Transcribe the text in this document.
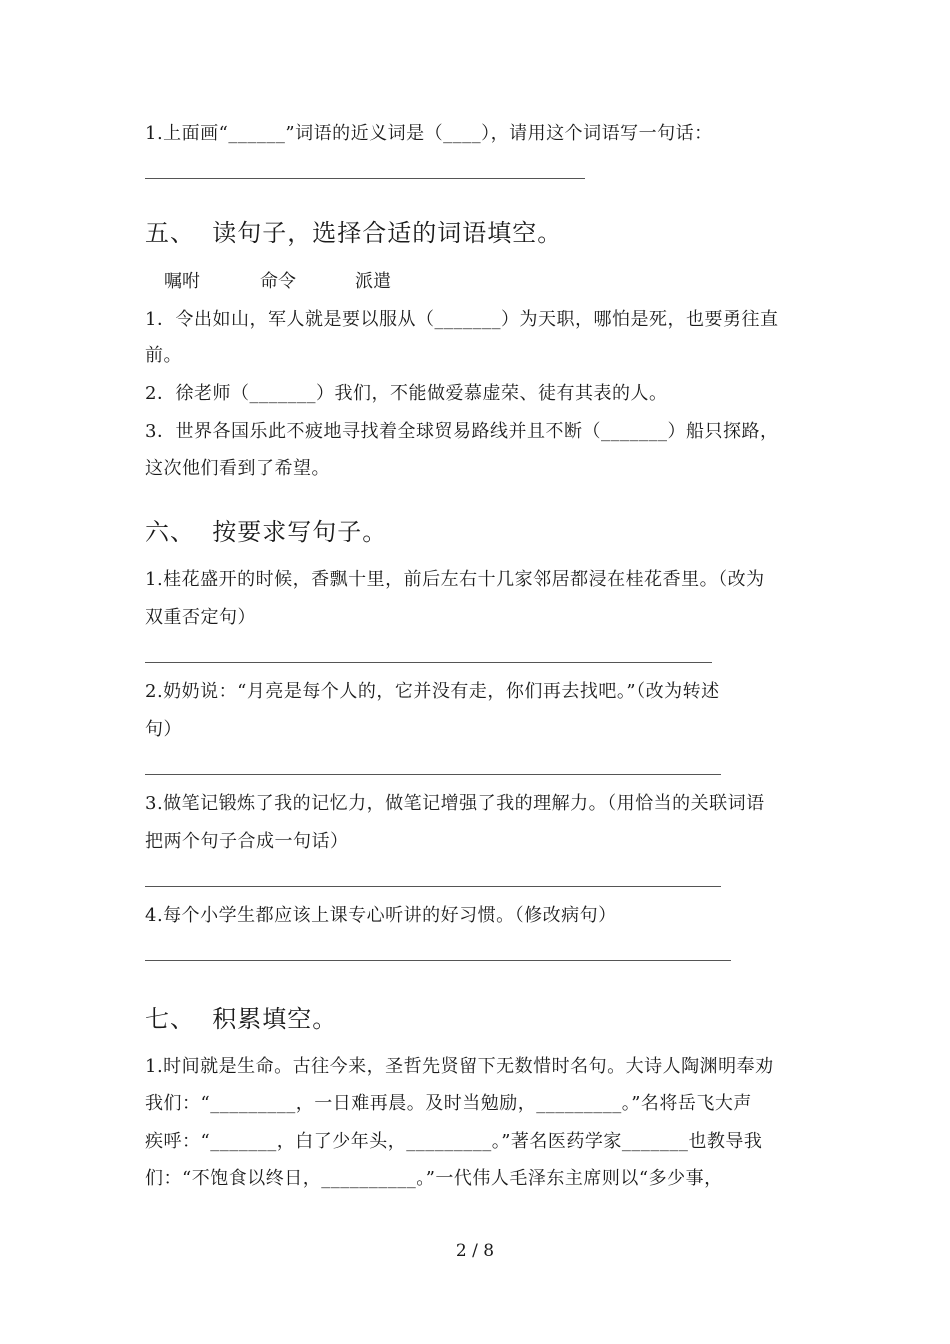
1.上面画“______”词语的近义词是（____），请用这个词语写一句话：
五、  读句子，选择合适的词语填空。
嘱咐	命令	派遣
1．令出如山，军人就是要以服从（_______）为天职，哪怕是死，也要勇往直
前。
2．徐老师（_______）我们，不能做爱慕虚荣、徒有其表的人。
3．世界各国乐此不疲地寻找着全球贸易路线并且不断（_______）船只探路，
这次他们看到了希望。
六、  按要求写句子。
1.桂花盛开的时候，香飘十里，前后左右十几家邻居都浸在桂花香里。（改为
双重否定句）
2.奶奶说：“月亮是每个人的，它并没有走，你们再去找吧。”（改为转述
句）
3.做笔记锻炼了我的记忆力，做笔记增强了我的理解力。（用恰当的关联词语
把两个句子合成一句话）
4.每个小学生都应该上课专心听讲的好习惯。（修改病句）
七、  积累填空。
1.时间就是生命。古往今来，圣哲先贤留下无数惜时名句。大诗人陶渊明奉劝
我们：“_________，一日难再晨。及时当勉励，_________。”名将岳飞大声
疾呼：“_______，白了少年头，_________。”著名医药学家_______也教导我
们：“不饱食以终日，__________。”一代伟人毛泽东主席则以“多少事，
2 / 8
